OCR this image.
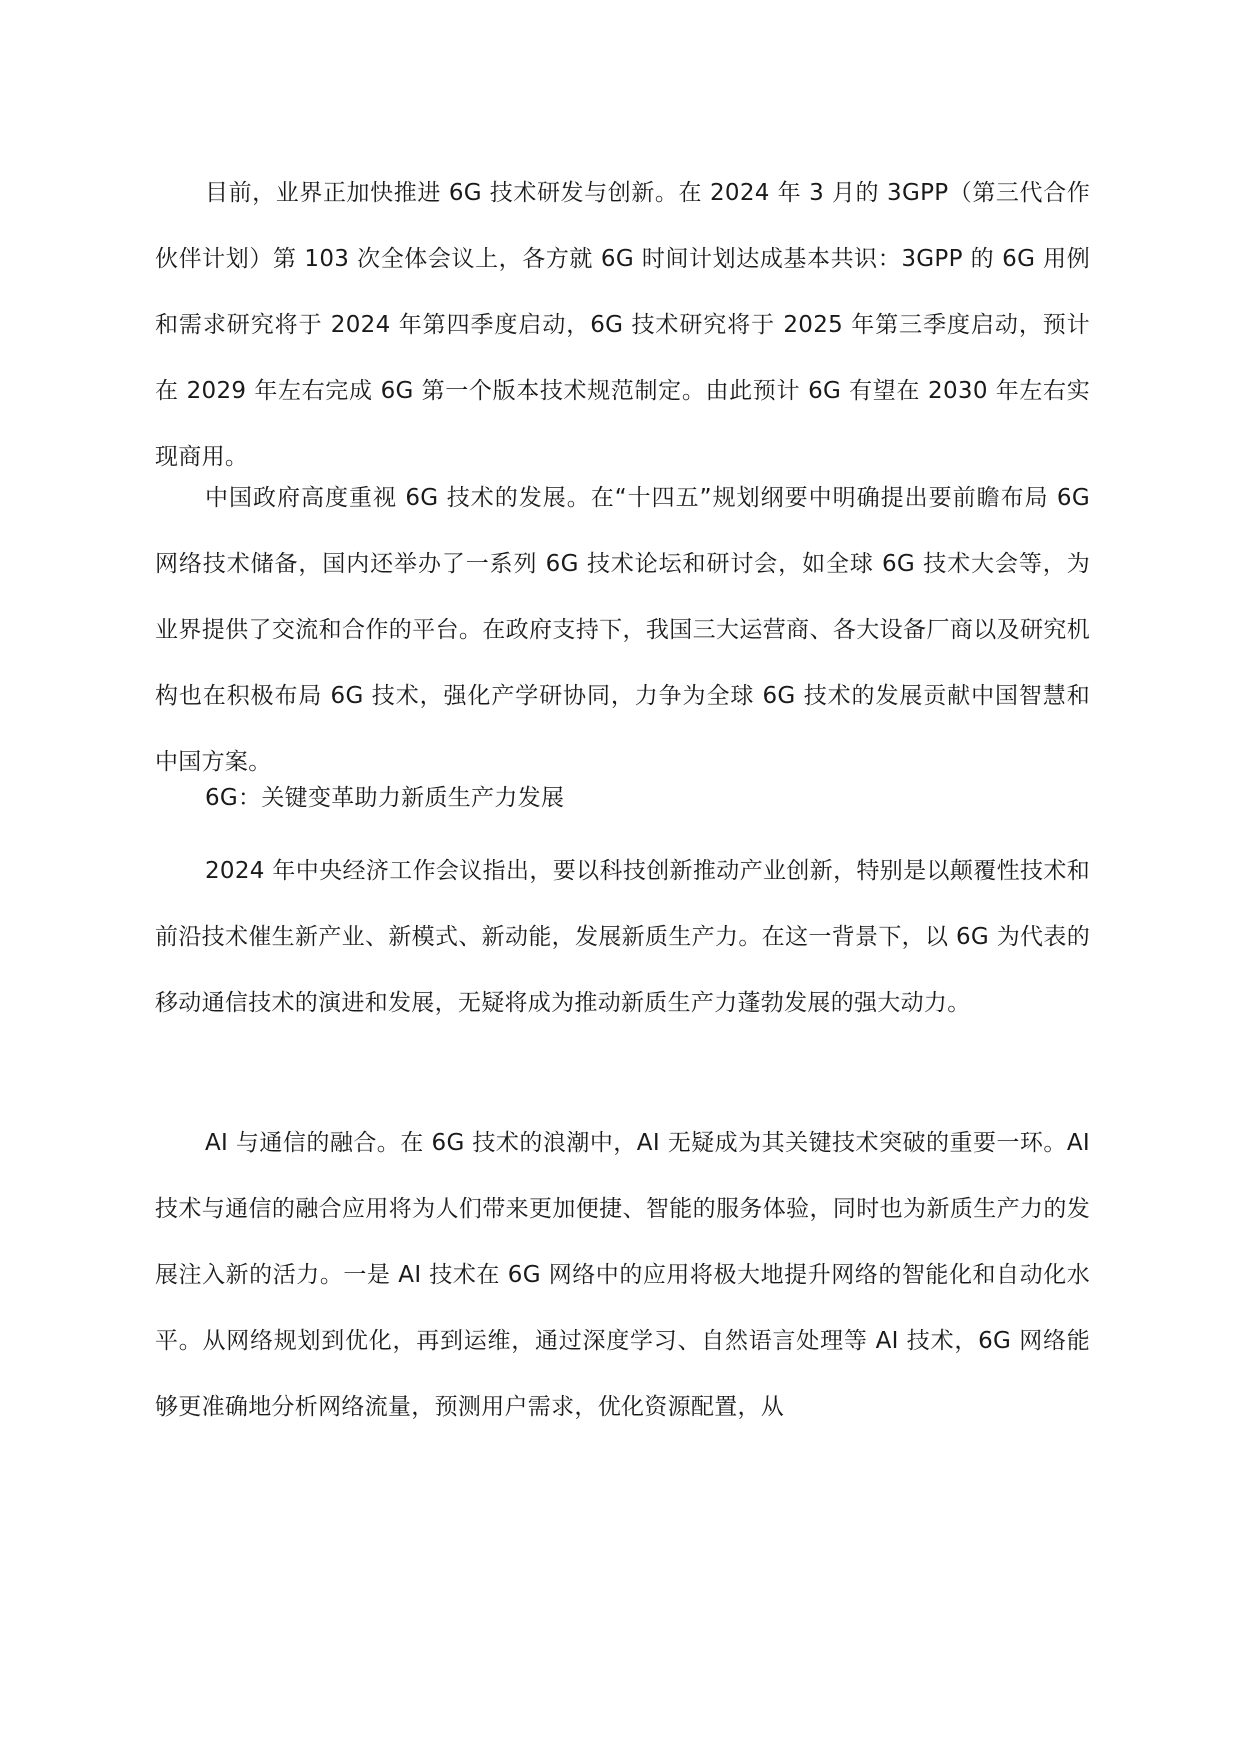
目前，业界正加快推进 6G 技术研发与创新。在 2024 年 3 月的 3GPP（第三代合作伙伴计划）第 103 次全体会议上，各方就 6G 时间计划达成基本共识：3GPP 的 6G 用例和需求研究将于 2024 年第四季度启动，6G 技术研究将于 2025 年第三季度启动，预计在 2029 年左右完成 6G 第一个版本技术规范制定。由此预计 6G 有望在 2030 年左右实现商用。

中国政府高度重视 6G 技术的发展。在“十四五”规划纲要中明确提出要前瞻布局 6G 网络技术储备，国内还举办了一系列 6G 技术论坛和研讨会，如全球 6G 技术大会等，为业界提供了交流和合作的平台。在政府支持下，我国三大运营商、各大设备厂商以及研究机构也在积极布局 6G 技术，强化产学研协同，力争为全球 6G 技术的发展贡献中国智慧和中国方案。

6G：关键变革助力新质生产力发展

2024 年中央经济工作会议指出，要以科技创新推动产业创新，特别是以颠覆性技术和前沿技术催生新产业、新模式、新动能，发展新质生产力。在这一背景下，以 6G 为代表的移动通信技术的演进和发展，无疑将成为推动新质生产力蓬勃发展的强大动力。

AI 与通信的融合。在 6G 技术的浪潮中，AI 无疑成为其关键技术突破的重要一环。AI 技术与通信的融合应用将为人们带来更加便捷、智能的服务体验，同时也为新质生产力的发展注入新的活力。一是 AI 技术在 6G 网络中的应用将极大地提升网络的智能化和自动化水平。从网络规划到优化，再到运维，通过深度学习、自然语言处理等 AI 技术，6G 网络能够更准确地分析网络流量，预测用户需求，优化资源配置，从
